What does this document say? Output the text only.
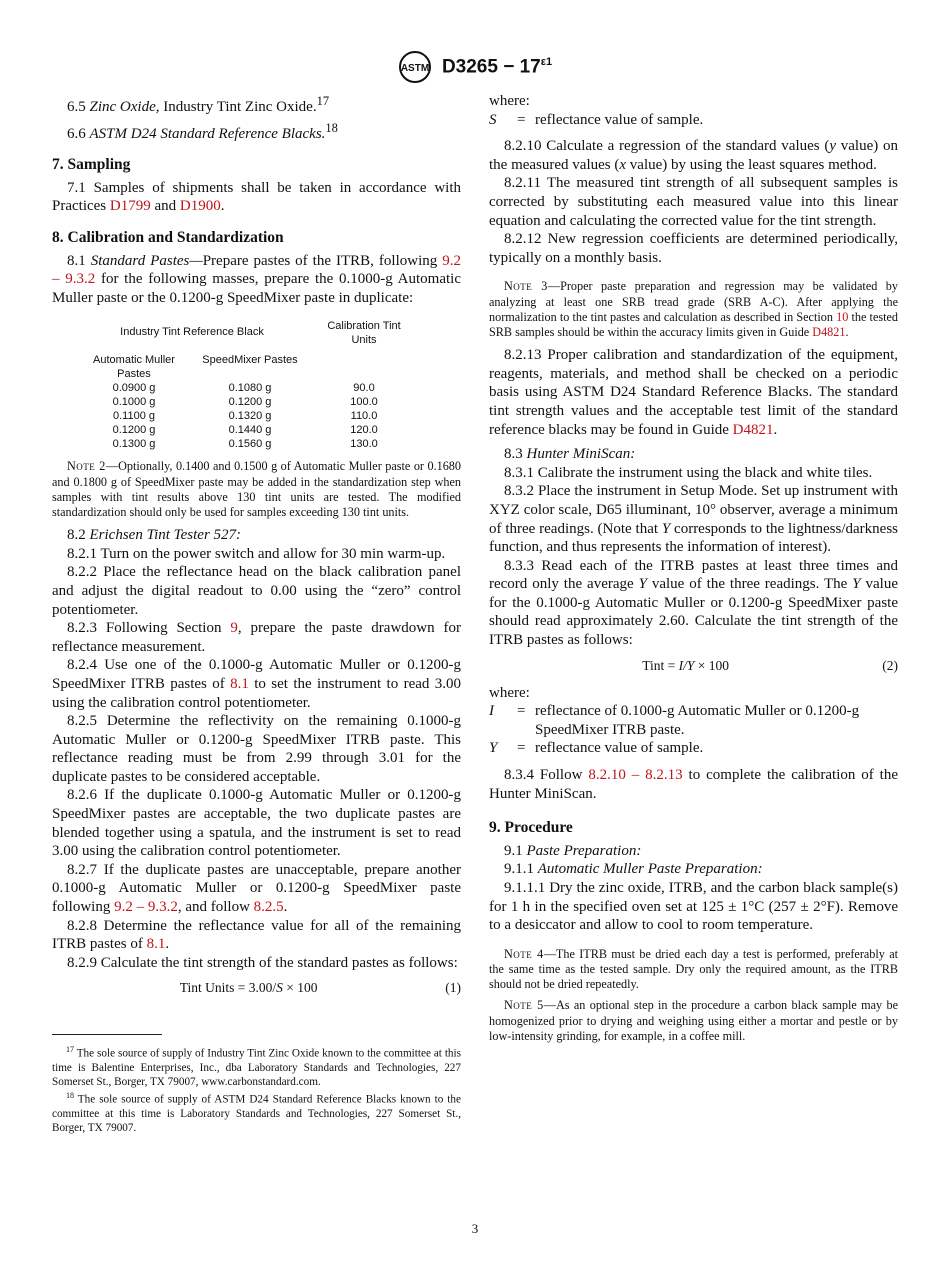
ASTM $D3265 - 17^{\varepsilon 1}$

6.5 Zinc Oxide, Industry Tint Zinc Oxide.$^{17}$

6.6 ASTM D24 Standard Reference Blacks.$^{18}$

7. Sampling

7.1 Samples of shipments shall be taken in accordance with Practices D1799 and D1900.

8. Calibration and Standardization

8.1 Standard Pastes—Prepare pastes of the ITRB, following 9.2 – 9.3.2 for the following masses, prepare the 0.1000-g Automatic Muller paste or the 0.1200-g SpeedMixer paste in duplicate:

Industry Tint Reference Black		Calibration Tint Units
Automatic Muller Pastes	SpeedMixer Pastes	
0.0900 g	0.1080 g	90.0
0.1000 g	0.1200 g	100.0
0.1100 g	0.1320 g	110.0
0.1200 g	0.1440 g	120.0
0.1300 g	0.1560 g	130.0

Note 2—Optionally, 0.1400 and 0.1500 g of Automatic Muller paste or 0.1680 and 0.1800 g of SpeedMixer paste may be added in the standardization step when samples with tint results above 130 tint units are tested. The modified standardization should only be used for samples exceeding 130 tint units.

8.2 Erichsen Tint Tester 527:

8.2.1 Turn on the power switch and allow for 30 min warm-up.

8.2.2 Place the reflectance head on the black calibration panel and adjust the digital readout to 0.00 using the “zero” control potentiometer.

8.2.3 Following Section 9, prepare the paste drawdown for reflectance measurement.

8.2.4 Use one of the 0.1000-g Automatic Muller or 0.1200-g SpeedMixer ITRB pastes of 8.1 to set the instrument to read 3.00 using the calibration control potentiometer.

8.2.5 Determine the reflectivity on the remaining 0.1000-g Automatic Muller or 0.1200-g SpeedMixer ITRB paste. This reflectance reading must be from 2.99 through 3.01 for the duplicate pastes to be considered acceptable.

8.2.6 If the duplicate 0.1000-g Automatic Muller or 0.1200-g SpeedMixer pastes are acceptable, the two duplicate pastes are blended together using a spatula, and the instrument is set to read 3.00 using the calibration control potentiometer.

8.2.7 If the duplicate pastes are unacceptable, prepare another 0.1000-g Automatic Muller or 0.1200-g SpeedMixer paste following 9.2 – 9.3.2, and follow 8.2.5.

8.2.8 Determine the reflectance value for all of the remaining ITRB pastes of 8.1.

8.2.9 Calculate the tint strength of the standard pastes as follows:

Tint Units = 3.00/S × 100	(1)

$^{17}$ The sole source of supply of Industry Tint Zinc Oxide known to the committee at this time is Balentine Enterprises, Inc., dba Laboratory Standards and Technologies, 227 Somerset St., Borger, TX 79007, www.carbonstandard.com.

$^{18}$ The sole source of supply of ASTM D24 Standard Reference Blacks known to the committee at this time is Laboratory Standards and Technologies, 227 Somerset St., Borger, TX 79007.

where:

S	= reflectance value of sample.

8.2.10 Calculate a regression of the standard values (y value) on the measured values (x value) by using the least squares method.

8.2.11 The measured tint strength of all subsequent samples is corrected by substituting each measured value into this linear equation and calculating the corrected value for the tint strength.

8.2.12 New regression coefficients are determined periodically, typically on a monthly basis.

Note 3—Proper paste preparation and regression may be validated by analyzing at least one SRB tread grade (SRB A-C). After applying the normalization to the tint pastes and calculation as described in Section 10 the tested SRB samples should be within the accuracy limits given in Guide D4821.

8.2.13 Proper calibration and standardization of the equipment, reagents, materials, and method shall be checked on a periodic basis using ASTM D24 Standard Reference Blacks. The standard tint strength values and the acceptable test limit of the standard reference blacks may be found in Guide D4821.

8.3 Hunter MiniScan:

8.3.1 Calibrate the instrument using the black and white tiles.

8.3.2 Place the instrument in Setup Mode. Set up instrument with XYZ color scale, D65 illuminant, 10° observer, average a minimum of three readings. (Note that Y corresponds to the lightness/darkness function, and thus represents the information of interest).

8.3.3 Read each of the ITRB pastes at least three times and record only the average Y value of the three readings. The Y value for the 0.1000-g Automatic Muller or 0.1200-g SpeedMixer paste should read approximately 2.60. Calculate the tint strength of the ITRB pastes as follows:

Tint = I/Y × 100	(2)

where:

I	= reflectance of 0.1000-g Automatic Muller or 0.1200-g SpeedMixer ITRB paste.
Y	= reflectance value of sample.

8.3.4 Follow 8.2.10 – 8.2.13 to complete the calibration of the Hunter MiniScan.

9. Procedure

9.1 Paste Preparation:

9.1.1 Automatic Muller Paste Preparation:

9.1.1.1 Dry the zinc oxide, ITRB, and the carbon black sample(s) for 1 h in the specified oven set at 125 ± 1°C (257 ± 2°F). Remove to a desiccator and allow to cool to room temperature.

Note 4—The ITRB must be dried each day a test is performed, preferably at the same time as the tested sample. Dry only the required amount, as the ITRB should not be dried repeatedly.

Note 5—As an optional step in the procedure a carbon black sample may be homogenized prior to drying and weighing using either a mortar and pestle or by low-intensity grinding, for example, in a coffee mill.

3
